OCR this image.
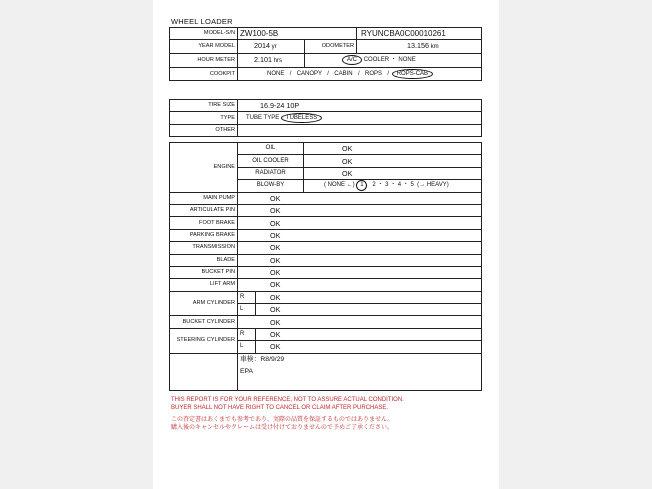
WHEEL LOADER
MODEL-S/N	ZW100-5B		RYUNCBA0C00010261
YEAR MODEL	2014 yr	ODOMETER	13.156 km
HOUR METER	2.101 hrs	A/C COOLER ・ NONE	
COOKPIT	NONE / CANOPY / CABIN / ROPS / ROPS-CAB		
TIRE SIZE	16.9-24 10P
TYPE	TUBE TYPE TUBELESS
OTHER	
ENGINE	OIL		OK
	OIL COOLER		OK
	RADIATOR		OK
	BLOW-BY		( NONE ←) 1 2 ・ 3 ・ 4 ・ 5 (→ HEAVY)
MAIN PUMP	OK		
ARTICULATE PIN	OK		
FOOT BRAKE	OK		
PARKING BRAKE	OK		
TRANSMISSION	OK		
BLADE	OK		
BUCKET PIN	OK		
LIFT ARM	OK		
ARM CYLINDER	R	OK	
	L	OK	
BUCKET CYLINDER	OK		
STEERING CYLINDER	R	OK	
	L	OK	

	車検：R8/9/29
EPA		
THIS REPORT IS FOR YOUR REFERENCE, NOT TO ASSURE ACTUAL CONDITION.
BUYER SHALL NOT HAVE RIGHT TO CANCEL OR CLAIM AFTER PURCHASE.
この査定書はあくまでも参考であり、実際の品質を保証するものではありません。
購入後のキャンセルやクレームは受け付けておりませんので予めご了承ください。
